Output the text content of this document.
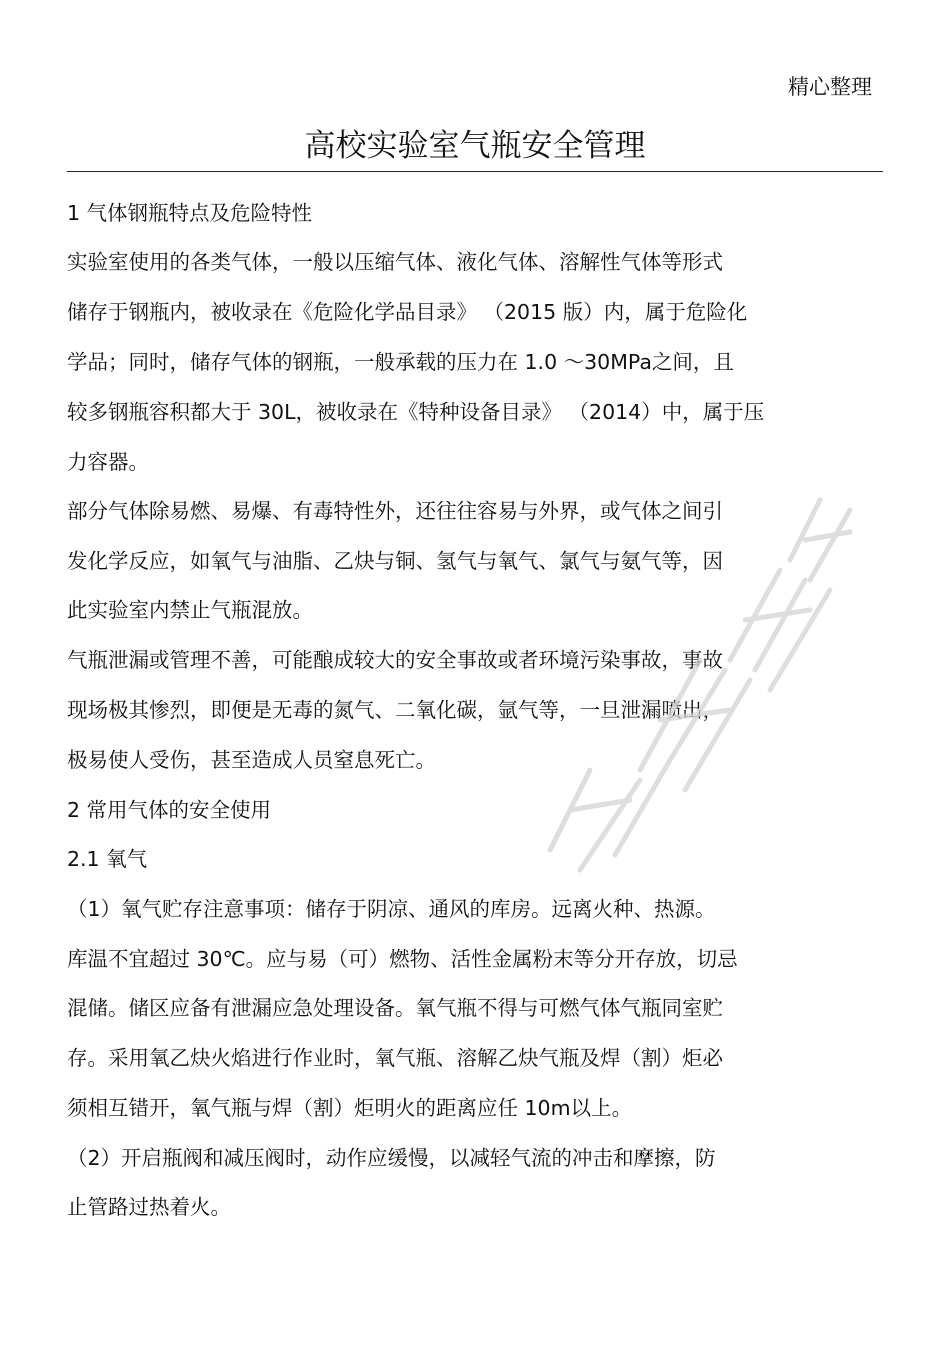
精心整理
高校实验室气瓶安全管理
1 气体钢瓶特点及危险特性
实验室使用的各类气体，一般以压缩气体、液化气体、溶解性气体等形式
储存于钢瓶内，被收录在《危险化学品目录》 （2015 版）内，属于危险化
学品；同时，储存气体的钢瓶，一般承载的压力在 1.0 ～30MPa之间，且
较多钢瓶容积都大于 30L，被收录在《特种设备目录》 （2014）中，属于压
力容器。
部分气体除易燃、易爆、有毒特性外，还往往容易与外界，或气体之间引
发化学反应，如氧气与油脂、乙炔与铜、氢气与氧气、氯气与氨气等，因
此实验室内禁止气瓶混放。
气瓶泄漏或管理不善，可能酿成较大的安全事故或者环境污染事故，事故
现场极其惨烈，即便是无毒的氮气、二氧化碳，氩气等，一旦泄漏喷出，
极易使人受伤，甚至造成人员窒息死亡。
2 常用气体的安全使用
2.1 氧气
（1）氧气贮存注意事项：储存于阴凉、通风的库房。远离火种、热源。
库温不宜超过 30℃。应与易（可）燃物、活性金属粉末等分开存放，切忌
混储。储区应备有泄漏应急处理设备。氧气瓶不得与可燃气体气瓶同室贮
存。采用氧乙炔火焰进行作业时，氧气瓶、溶解乙炔气瓶及焊（割）炬必
须相互错开，氧气瓶与焊（割）炬明火的距离应任 10m以上。
（2）开启瓶阀和减压阀时，动作应缓慢，以减轻气流的冲击和摩擦，防
止管路过热着火。
